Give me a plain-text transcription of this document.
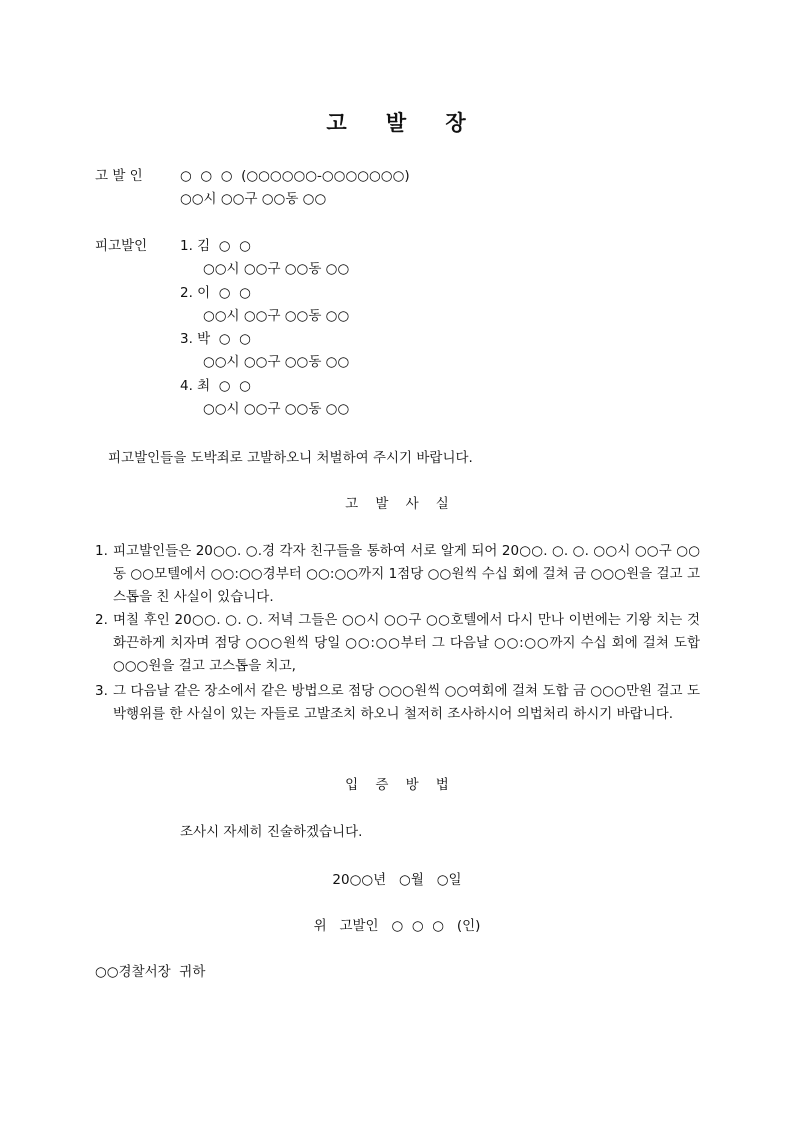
고    발    장
고 발 인	○  ○  ○  (○○○○○○-○○○○○○○)
○○시 ○○구 ○○동 ○○
피고발인 1. 김  ○  ○
○○시 ○○구 ○○동 ○○
2. 이  ○  ○
○○시 ○○구 ○○동 ○○
3. 박  ○  ○
○○시 ○○구 ○○동 ○○
4. 최  ○  ○
○○시 ○○구 ○○동 ○○
피고발인들을 도박죄로 고발하오니 처벌하여 주시기 바랍니다.
고    발    사    실
1. 피고발인들은 20○○. ○.경 각자 친구들을 통하여 서로 알게 되어 20○○. ○. ○. ○○시 ○○구 ○○동 ○○모텔에서 ○○:○○경부터 ○○:○○까지 1점당 ○○원씩 수십 회에 걸쳐 금 ○○○원을 걸고 고스톱을 친 사실이 있습니다.
2. 며칠 후인 20○○. ○. ○. 저녁 그들은 ○○시 ○○구 ○○호텔에서 다시 만나 이번에는 기왕 치는 것 화끈하게 치자며 점당 ○○○원씩 당일 ○○:○○부터 그 다음날 ○○:○○까지 수십 회에 걸쳐 도합 ○○○원을 걸고 고스톱을 치고,
3. 그 다음날 같은 장소에서 같은 방법으로 점당 ○○○원씩 ○○여회에 걸쳐 도합 금 ○○○만원 걸고 도박행위를 한 사실이 있는 자들로 고발조치 하오니 철저히 조사하시어 의법처리 하시기 바랍니다.
입    증    방    법
조사시 자세히 진술하겠습니다.
20○○년   ○월   ○일
위   고발인   ○  ○  ○   (인)
○○경찰서장  귀하
